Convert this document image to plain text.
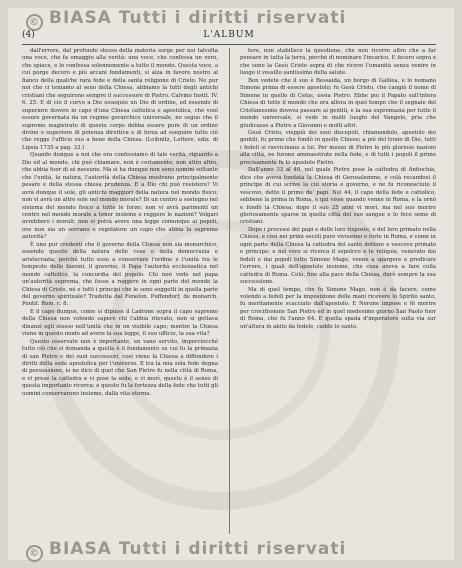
© BIASA Tutti i diritti riservati
L'ALBUM
(4)

dall'errore, dal profondo stesso della materia sorge per noi talvolta una voce, che fa omaggio alla verità: una voce, che confessa un vero, che spiace, e lo confessa solennemente a tutto il mondo. Questa voce, a cui porge decoro e più arcani fondamenti, si alza in favore nostro al fianco della qualche rara fede e della santa religione di Cristo. Ne pur noi che ci teniamo al seno della Chiesa, abbiamo la tutti degli antichi cristiani che seguirono sempre il successore di Pietro. Calvino Instit. IV. 6. 25. E di ciò il curvo a Dio ossequio un Dio di ordine, ed essendo di superiore dovere in capo d'una Chiesa cattolica e apostolica, che vuol essere governata da un regime gerarchico universale, ne segue che il supremo magistrato di questo corpo debba essere pure di un ordine divino e superiore di potenza direttiva e di forza ad eseguire tutto ciò che regge l'ufficio suo a bene della Chiesa. (Leibnitz, Lettere, ediz. di Lipsia 1735 a pag. 33.)

Quando dunque a noi che ora confessiamo di tale verità, riguardo a Dio ed al mondo, chi può chiamare, non è certamente; non altro altro, che abbia fuor di sé nessuno. Ma si ha dunque non sono uomini soltanto che l'unità, la natura, l'autorità della Chiesa mostrano principalmente pesare e della stessa chiesa prudenza. E a Dio chi può resistere? Vi avrà dunque il sole, gli antichi maggiori della natura nel mondo fisico; non vi avrà un altro sole nel mondo morale? Di un centro a sostegno nel sistema del mondo fisico a tutte le forze; non vi avrà parimenti un centro nel mondo morale a tener insieme e reggere le nazioni? Volgari avrebbero i morali; non si potrà avere una legge comunque ai popoli, ove non sia un sovrano e regolatore un capo che abbia la suprema autorità?

È uno pur credenti che il governo della Chiesa non sia monarchico, essendo questo della natura delle cose e della democrazia e aristocrazia, perché tutto esso a conservare l'ordine e l'unità tra le tempeste delle fazioni, il governo, il Papa l'autorità ecclesiastica nel mondo cattolico, la concordia del popolo. Chi non vede nel papa un'autorità suprema, che fosse a reggere in ogni parte del mondo la Chiesa di Cristo, né e tutti i principi che le sono soggetti in quella parte del governo spirituale? Tradotta dal Fenelon. Puffendorf, de monarch. Pontif. Rom. c. 8.

E il capo dunque, come si dipinse il Ladrone sopra il capo supremo della Chiesa non volendo sapere chi l'abbia rilevato, non si gettava dinanzi egli stesso nell'unità che in un visibile capo; mentre la Chiesa viene in questo modo ad avere la sua legge, il suo ufficio, la sua vita?

Questo osservato non è importante, un vano servito, imperciocché tutto ciò che si domanda a quella è il fondamento su cui fu la primazia di san Pietro e dei suoi successori, così viene la Chiesa a diffondere i diritti della sede apostolica per l'universo. E tra la mia sola fede degna di persuasione, io ne dico di quel che San Pietro fu nella città di Roma, e vi prese la cattedra e vi pose la sede, e vi morì, questo è il senso di questa importante ricerca; e questo fu la fortezza della fede che tutti gli uomini conservarono insieme, dalla vita eterna.

tere, non stabilisce la questione, che non ricorre altro che a far pensare in tutta la terra, perché di nominare l'incarico. E fecero sopra e che sono la Gesù Cristo sopra di che riceve l'umanità senza venire in luogo il vessillo santissimo della salute.

Ben vedete che il suo è Bessaida, un borgo di Galilea, e lo nomano Simone prima di essere apostolo; fu Gesù Cristo, che cangiò il nome di Simone in quello di Cefas, ossia Pietro. Ebbe poi il Papato sull'intera Chiesa di tutto il mondo che era allora in quel tempo che il segnale del Cristianesimo doveva passare ai gentili, e la sua supremazia per tutto il mondo universale, si vede in molti luoghi del Vangelo, pria che giudicasse a Pietro a Giovanni e molti altri.

Gesù Cristo, vieppiù dei suoi discepoli, chiamandolo, apostolo dei gentili, fu primo che fondò in quelle Chiese; a piè del trono di Dio, tutti i fedeli si ravvicinano a lui. Per mezzo di Pietro le più gloriose nazioni alla città, ne furono ammaestrate nella fede, e di tutti i popoli il primo precisamente fu lo apostolo Pietro.

Dall'anno 33 al 40, nel quale Pietro pose la cattedra di Antiochia, dice che aveva fondata la Chiesa di Gerusalemme, e colà recandosi il principe di cui scrive la cui storia e governo, e ne fu riconosciuto il vescovo, detto il primo de' papi. Nel 44, il capo della fede e cattolico, sebbene la prima in Roma, e qui visse quando venne in Roma, e la ornò e fondò la Chiesa; dopo il suo 25 anni vi morì, ma nel suo morire gloriosamente sparse in quella città del suo sangue e lo fece seme di cristiani.

Dopo i processi dei papi e delle loro risposte, e del loro primato nella Chiesa, e così nei primi secoli pure vivissimo e forte in Roma, e come in ogni parte della Chiesa la cattedra del santo dottore e vescovo primato e principe; e nel vero si ricerca il sepolcro e le reliquie, venerato dai fedeli e dai popoli tutto Simone Mago, venne a spargere e predicare l'errore, i quali dell'apostolo insieme, che cosa aveva a fare colla cattedra di Roma. Colà, fino alla pace della Chiesa, durò sempre la sua successione.

Ma di quel tempo, che fu Simone Mago, non è da tacere, come volendo a fedeli per la imposizione delle mani ricevere lo Spirito santo, fu meritamente scacciato dall'apostolo. E Nerone impose e fè morire per crocifissione San Pietro ed in quel medesimo giorno San Paolo fuor di Roma, che fu l'anno 64. E quella spada d'imperatore sulla via sur un'altura in abito da fedele, cadde lo santo.

© BIASA Tutti i diritti riservati
